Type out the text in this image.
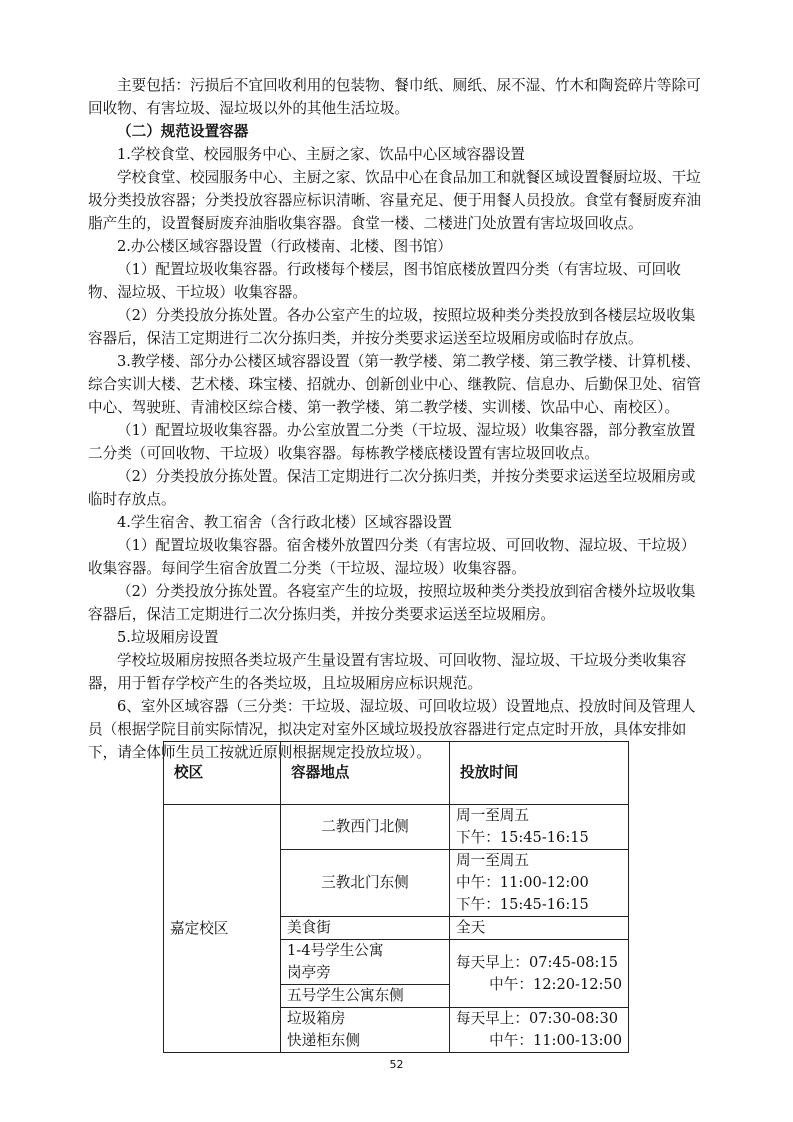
主要包括：污损后不宜回收利用的包装物、餐巾纸、厕纸、尿不湿、竹木和陶瓷碎片等除可回收物、有害垃圾、湿垃圾以外的其他生活垃圾。

（二）规范设置容器

1.学校食堂、校园服务中心、主厨之家、饮品中心区域容器设置

学校食堂、校园服务中心、主厨之家、饮品中心在食品加工和就餐区域设置餐厨垃圾、干垃圾分类投放容器；分类投放容器应标识清晰、容量充足、便于用餐人员投放。食堂有餐厨废弃油脂产生的，设置餐厨废弃油脂收集容器。食堂一楼、二楼进门处放置有害垃圾回收点。

2.办公楼区域容器设置（行政楼南、北楼、图书馆）

（1）配置垃圾收集容器。行政楼每个楼层，图书馆底楼放置四分类（有害垃圾、可回收物、湿垃圾、干垃圾）收集容器。

（2）分类投放分拣处置。各办公室产生的垃圾，按照垃圾种类分类投放到各楼层垃圾收集容器后，保洁工定期进行二次分拣归类，并按分类要求运送至垃圾厢房或临时存放点。

3.教学楼、部分办公楼区域容器设置（第一教学楼、第二教学楼、第三教学楼、计算机楼、综合实训大楼、艺术楼、珠宝楼、招就办、创新创业中心、继教院、信息办、后勤保卫处、宿管中心、驾驶班、青浦校区综合楼、第一教学楼、第二教学楼、实训楼、饮品中心、南校区）。

（1）配置垃圾收集容器。办公室放置二分类（干垃圾、湿垃圾）收集容器，部分教室放置二分类（可回收物、干垃圾）收集容器。每栋教学楼底楼设置有害垃圾回收点。

（2）分类投放分拣处置。保洁工定期进行二次分拣归类，并按分类要求运送至垃圾厢房或临时存放点。

4.学生宿舍、教工宿舍（含行政北楼）区域容器设置

（1）配置垃圾收集容器。宿舍楼外放置四分类（有害垃圾、可回收物、湿垃圾、干垃圾）收集容器。每间学生宿舍放置二分类（干垃圾、湿垃圾）收集容器。

（2）分类投放分拣处置。各寝室产生的垃圾，按照垃圾种类分类投放到宿舍楼外垃圾收集容器后，保洁工定期进行二次分拣归类，并按分类要求运送至垃圾厢房。

5.垃圾厢房设置

学校垃圾厢房按照各类垃圾产生量设置有害垃圾、可回收物、湿垃圾、干垃圾分类收集容器，用于暂存学校产生的各类垃圾，且垃圾厢房应标识规范。

6、室外区域容器（三分类：干垃圾、湿垃圾、可回收垃圾）设置地点、投放时间及管理人员（根据学院目前实际情况，拟决定对室外区域垃圾投放容器进行定点定时开放，具体安排如下，请全体师生员工按就近原则根据规定投放垃圾）。

校区	容器地点	投放时间
嘉定校区	二教西门北侧	周一至周五
下午：15:45-16:15

	三教北门东侧	周一至周五
中午：11:00-12:00
下午：15:45-16:15

	美食街	全天

	1-4号学生公寓
岗亭旁	每天早上：07:45-08:15
中午：12:20-12:50

	五号学生公寓东侧	

	垃圾箱房
快递柜东侧	每天早上：07:30-08:30
中午：11:00-13:00
52
